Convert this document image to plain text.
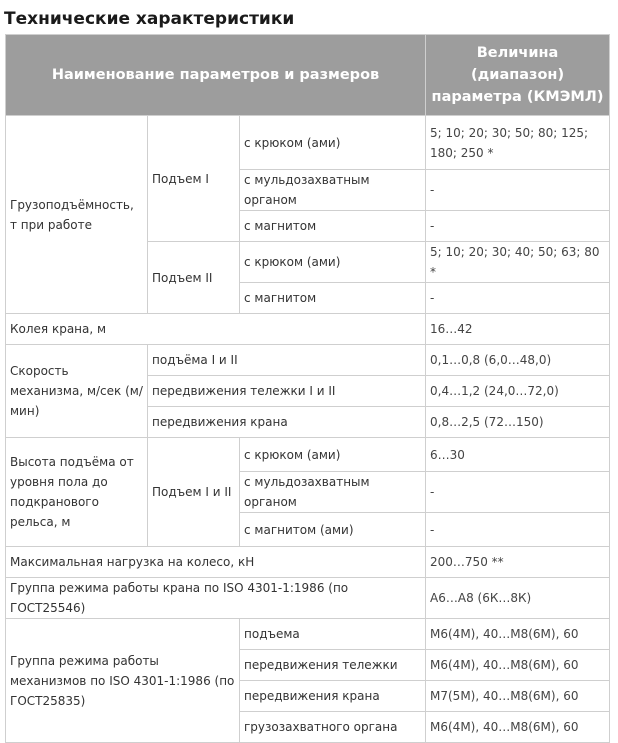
Технические характеристики
Наименование параметров и размеров			Величина (диапазон) параметра (КМЭМЛ)
Грузоподъёмность, т при работе	Подъем I	с крюком (ами)	5; 10; 20; 30; 50; 80; 125; 180; 250 *
		с мульдозахватным органом	-
		с магнитом	-
	Подъем II	с крюком (ами)	5; 10; 20; 30; 40; 50; 63; 80 *
		с магнитом	-
Колея крана, м			16…42
Скорость механизма, м/сек (м/мин)	подъёма I и II		0,1…0,8 (6,0…48,0)
	передвижения тележки I и II		0,4…1,2 (24,0…72,0)
	передвижения крана		0,8…2,5 (72…150)
Высота подъёма от уровня пола до подкранового рельса, м	Подъем I и II	с крюком (ами)	6…30
		с мульдозахватным органом	-
		с магнитом (ами)	-
Максимальная нагрузка на колесо, кН			200…750 **
Группа режима работы крана по ISO 4301-1:1986 (по ГОСТ25546)			А6…А8 (6К…8К)
Группа режима работы механизмов по ISO 4301-1:1986 (по ГОСТ25835)		подъема	М6(4М), 40…М8(6М), 60
		передвижения тележки	М6(4М), 40…М8(6М), 60
		передвижения крана	М7(5М), 40…М8(6М), 60
		грузозахватного органа	М6(4М), 40…М8(6М), 60
